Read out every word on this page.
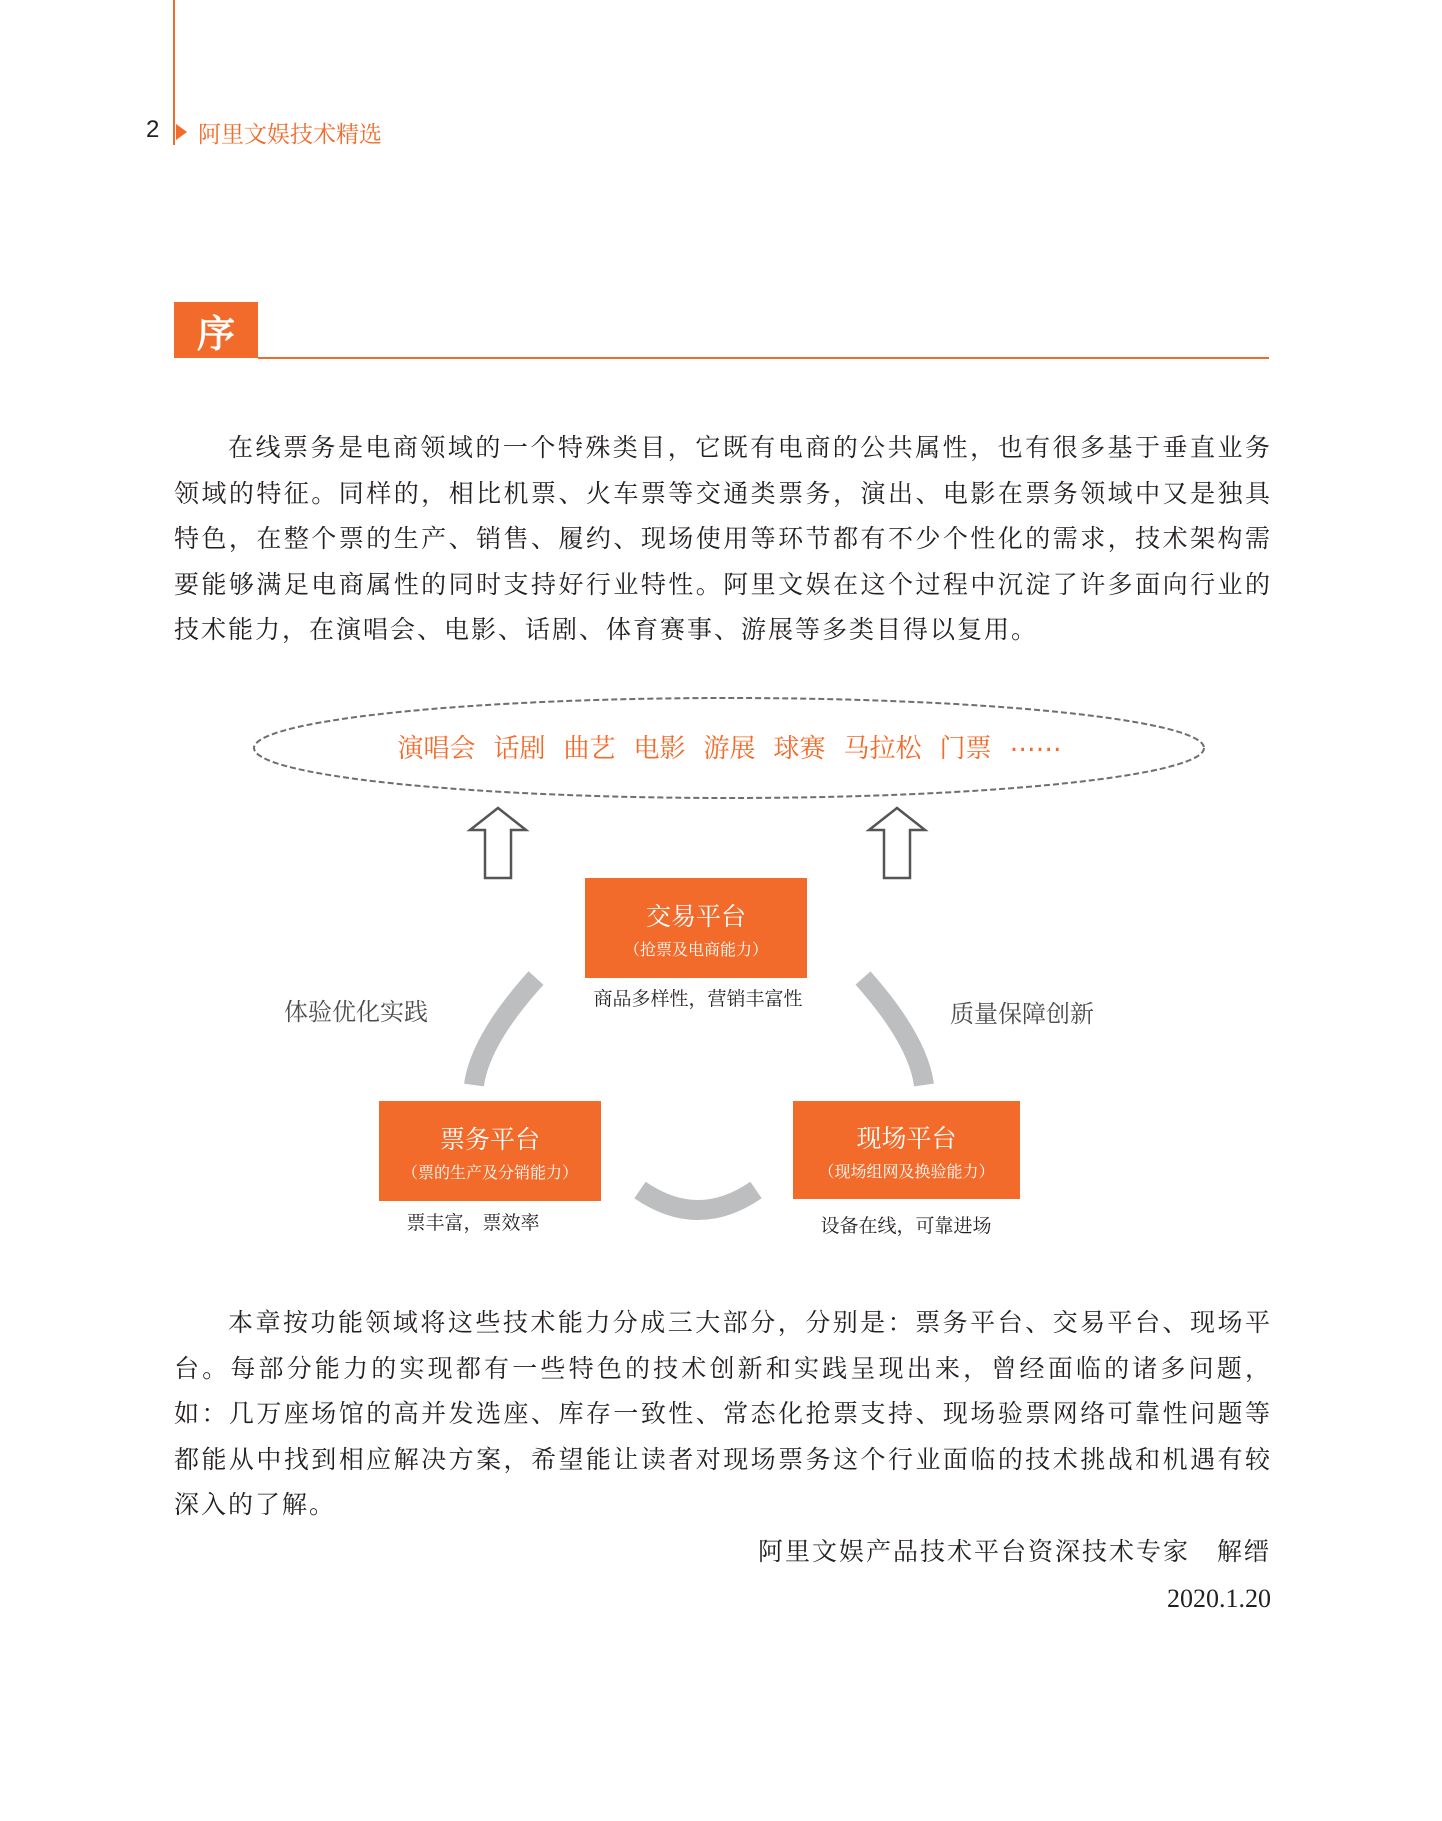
2 阿里文娱技术精选
序
在线票务是电商领域的一个特殊类目，它既有电商的公共属性，也有很多基于垂直业务领域的特征。同样的，相比机票、火车票等交通类票务，演出、电影在票务领域中又是独具特色，在整个票的生产、销售、履约、现场使用等环节都有不少个性化的需求，技术架构需要能够满足电商属性的同时支持好行业特性。阿里文娱在这个过程中沉淀了许多面向行业的技术能力，在演唱会、电影、话剧、体育赛事、游展等多类目得以复用。
演唱会 话剧 曲艺 电影 游展 球赛 马拉松 门票 ……
交易平台
（抢票及电商能力）
票务平台
（票的生产及分销能力）
现场平台
（现场组网及换验能力）
商品多样性，营销丰富性
票丰富，票效率	设备在线，可靠进场
体验优化实践	质量保障创新
本章按功能领域将这些技术能力分成三大部分，分别是：票务平台、交易平台、现场平台。每部分能力的实现都有一些特色的技术创新和实践呈现出来，曾经面临的诸多问题，如：几万座场馆的高并发选座、库存一致性、常态化抢票支持、现场验票网络可靠性问题等都能从中找到相应解决方案，希望能让读者对现场票务这个行业面临的技术挑战和机遇有较深入的了解。
阿里文娱产品技术平台资深技术专家　解缙
2020.1.20
